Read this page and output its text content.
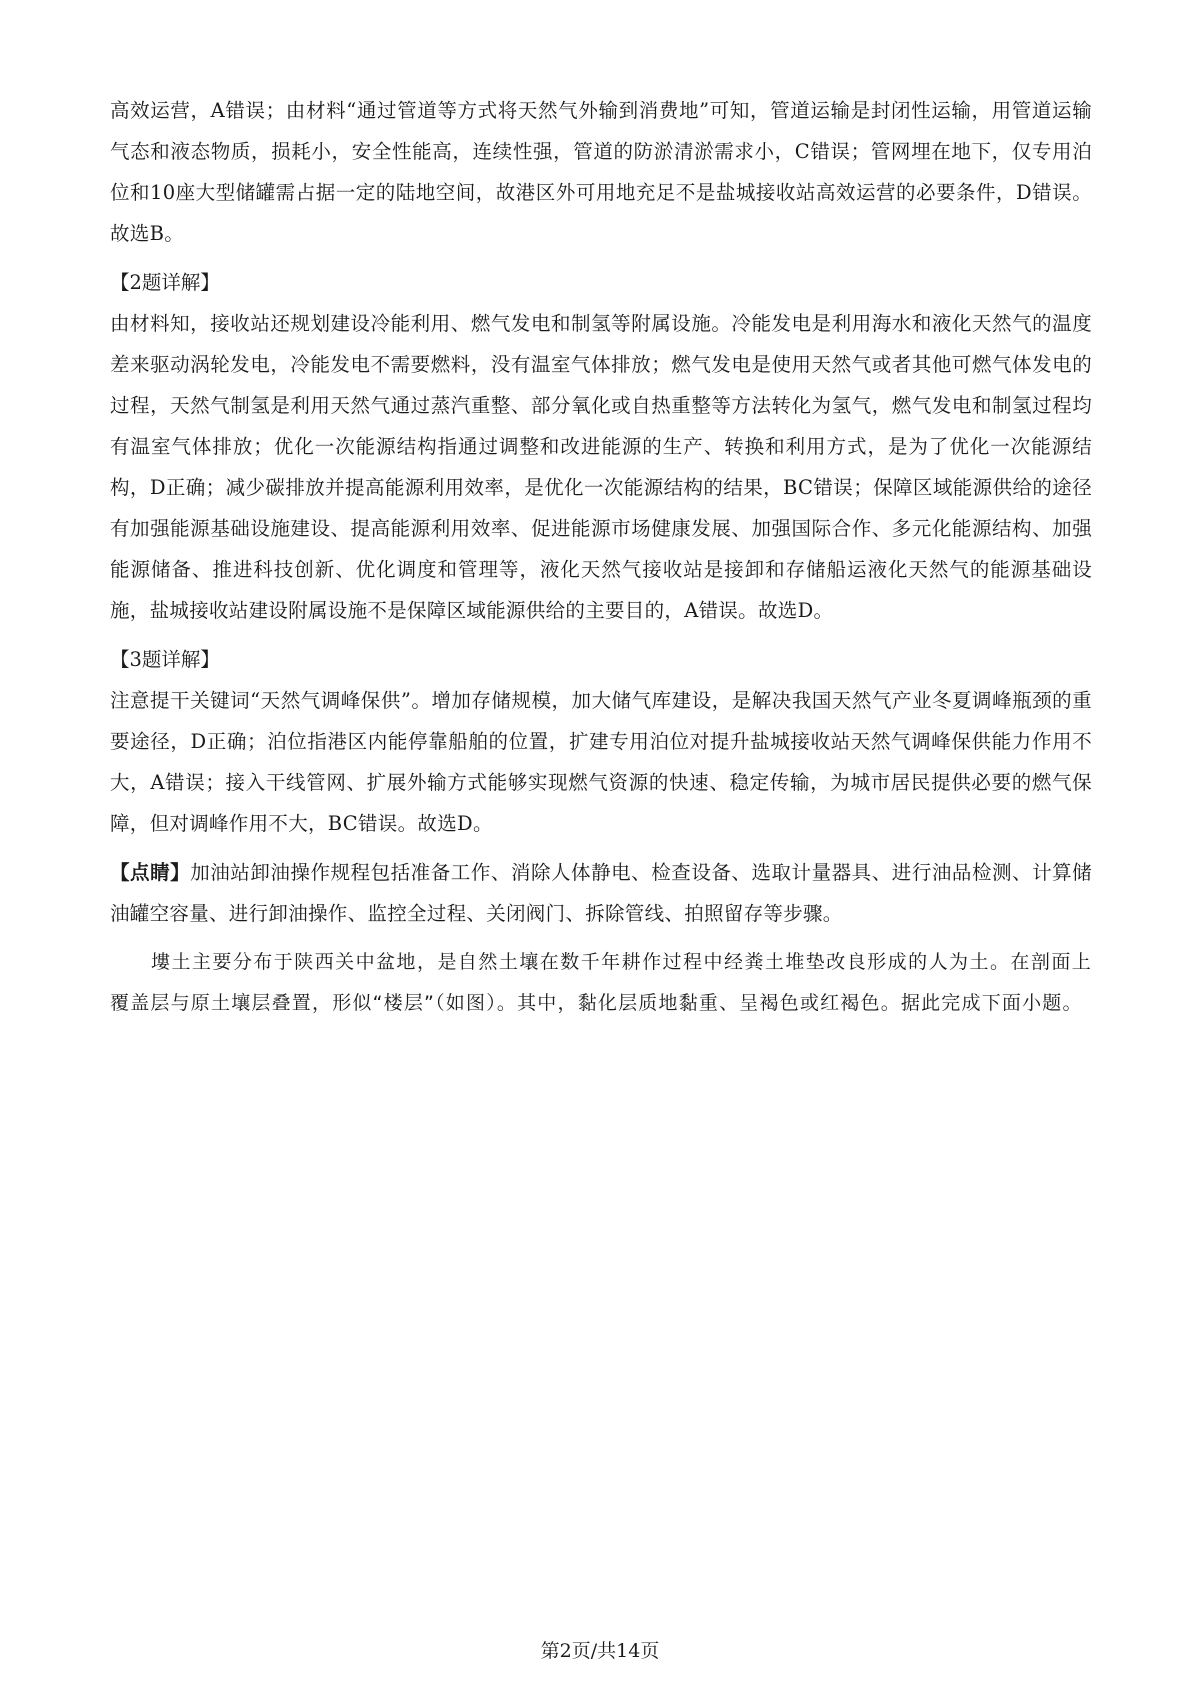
高效运营，A错误；由材料“通过管道等方式将天然气外输到消费地”可知，管道运输是封闭性运输，用管道运输气态和液态物质，损耗小，安全性能高，连续性强，管道的防淤清淤需求小，C错误；管网埋在地下，仅专用泊位和10座大型储罐需占据一定的陆地空间，故港区外可用地充足不是盐城接收站高效运营的必要条件，D错误。故选B。

【2题详解】

由材料知，接收站还规划建设冷能利用、燃气发电和制氢等附属设施。冷能发电是利用海水和液化天然气的温度差来驱动涡轮发电，冷能发电不需要燃料，没有温室气体排放；燃气发电是使用天然气或者其他可燃气体发电的过程，天然气制氢是利用天然气通过蒸汽重整、部分氧化或自热重整等方法转化为氢气，燃气发电和制氢过程均有温室气体排放；优化一次能源结构指通过调整和改进能源的生产、转换和利用方式，是为了优化一次能源结构，D正确；减少碳排放并提高能源利用效率，是优化一次能源结构的结果，BC错误；保障区域能源供给的途径有加强能源基础设施建设、提高能源利用效率、促进能源市场健康发展、加强国际合作、多元化能源结构、加强能源储备、推进科技创新、优化调度和管理等，液化天然气接收站是接卸和存储船运液化天然气的能源基础设施，盐城接收站建设附属设施不是保障区域能源供给的主要目的，A错误。故选D。

【3题详解】

注意提干关键词“天然气调峰保供”。增加存储规模，加大储气库建设，是解决我国天然气产业冬夏调峰瓶颈的重要途径，D正确；泊位指港区内能停靠船舶的位置，扩建专用泊位对提升盐城接收站天然气调峰保供能力作用不大，A错误；接入干线管网、扩展外输方式能够实现燃气资源的快速、稳定传输，为城市居民提供必要的燃气保障，但对调峰作用不大，BC错误。故选D。

【点睛】加油站卸油操作规程包括准备工作、消除人体静电、检查设备、选取计量器具、进行油品检测、计算储油罐空容量、进行卸油操作、监控全过程、关闭阀门、拆除管线、拍照留存等步骤。

塿土主要分布于陕西关中盆地，是自然土壤在数千年耕作过程中经粪土堆垫改良形成的人为土。在剖面上覆盖层与原土壤层叠置，形似“楼层”（如图）。其中，黏化层质地黏重、呈褐色或红褐色。据此完成下面小题。

第2页/共14页
